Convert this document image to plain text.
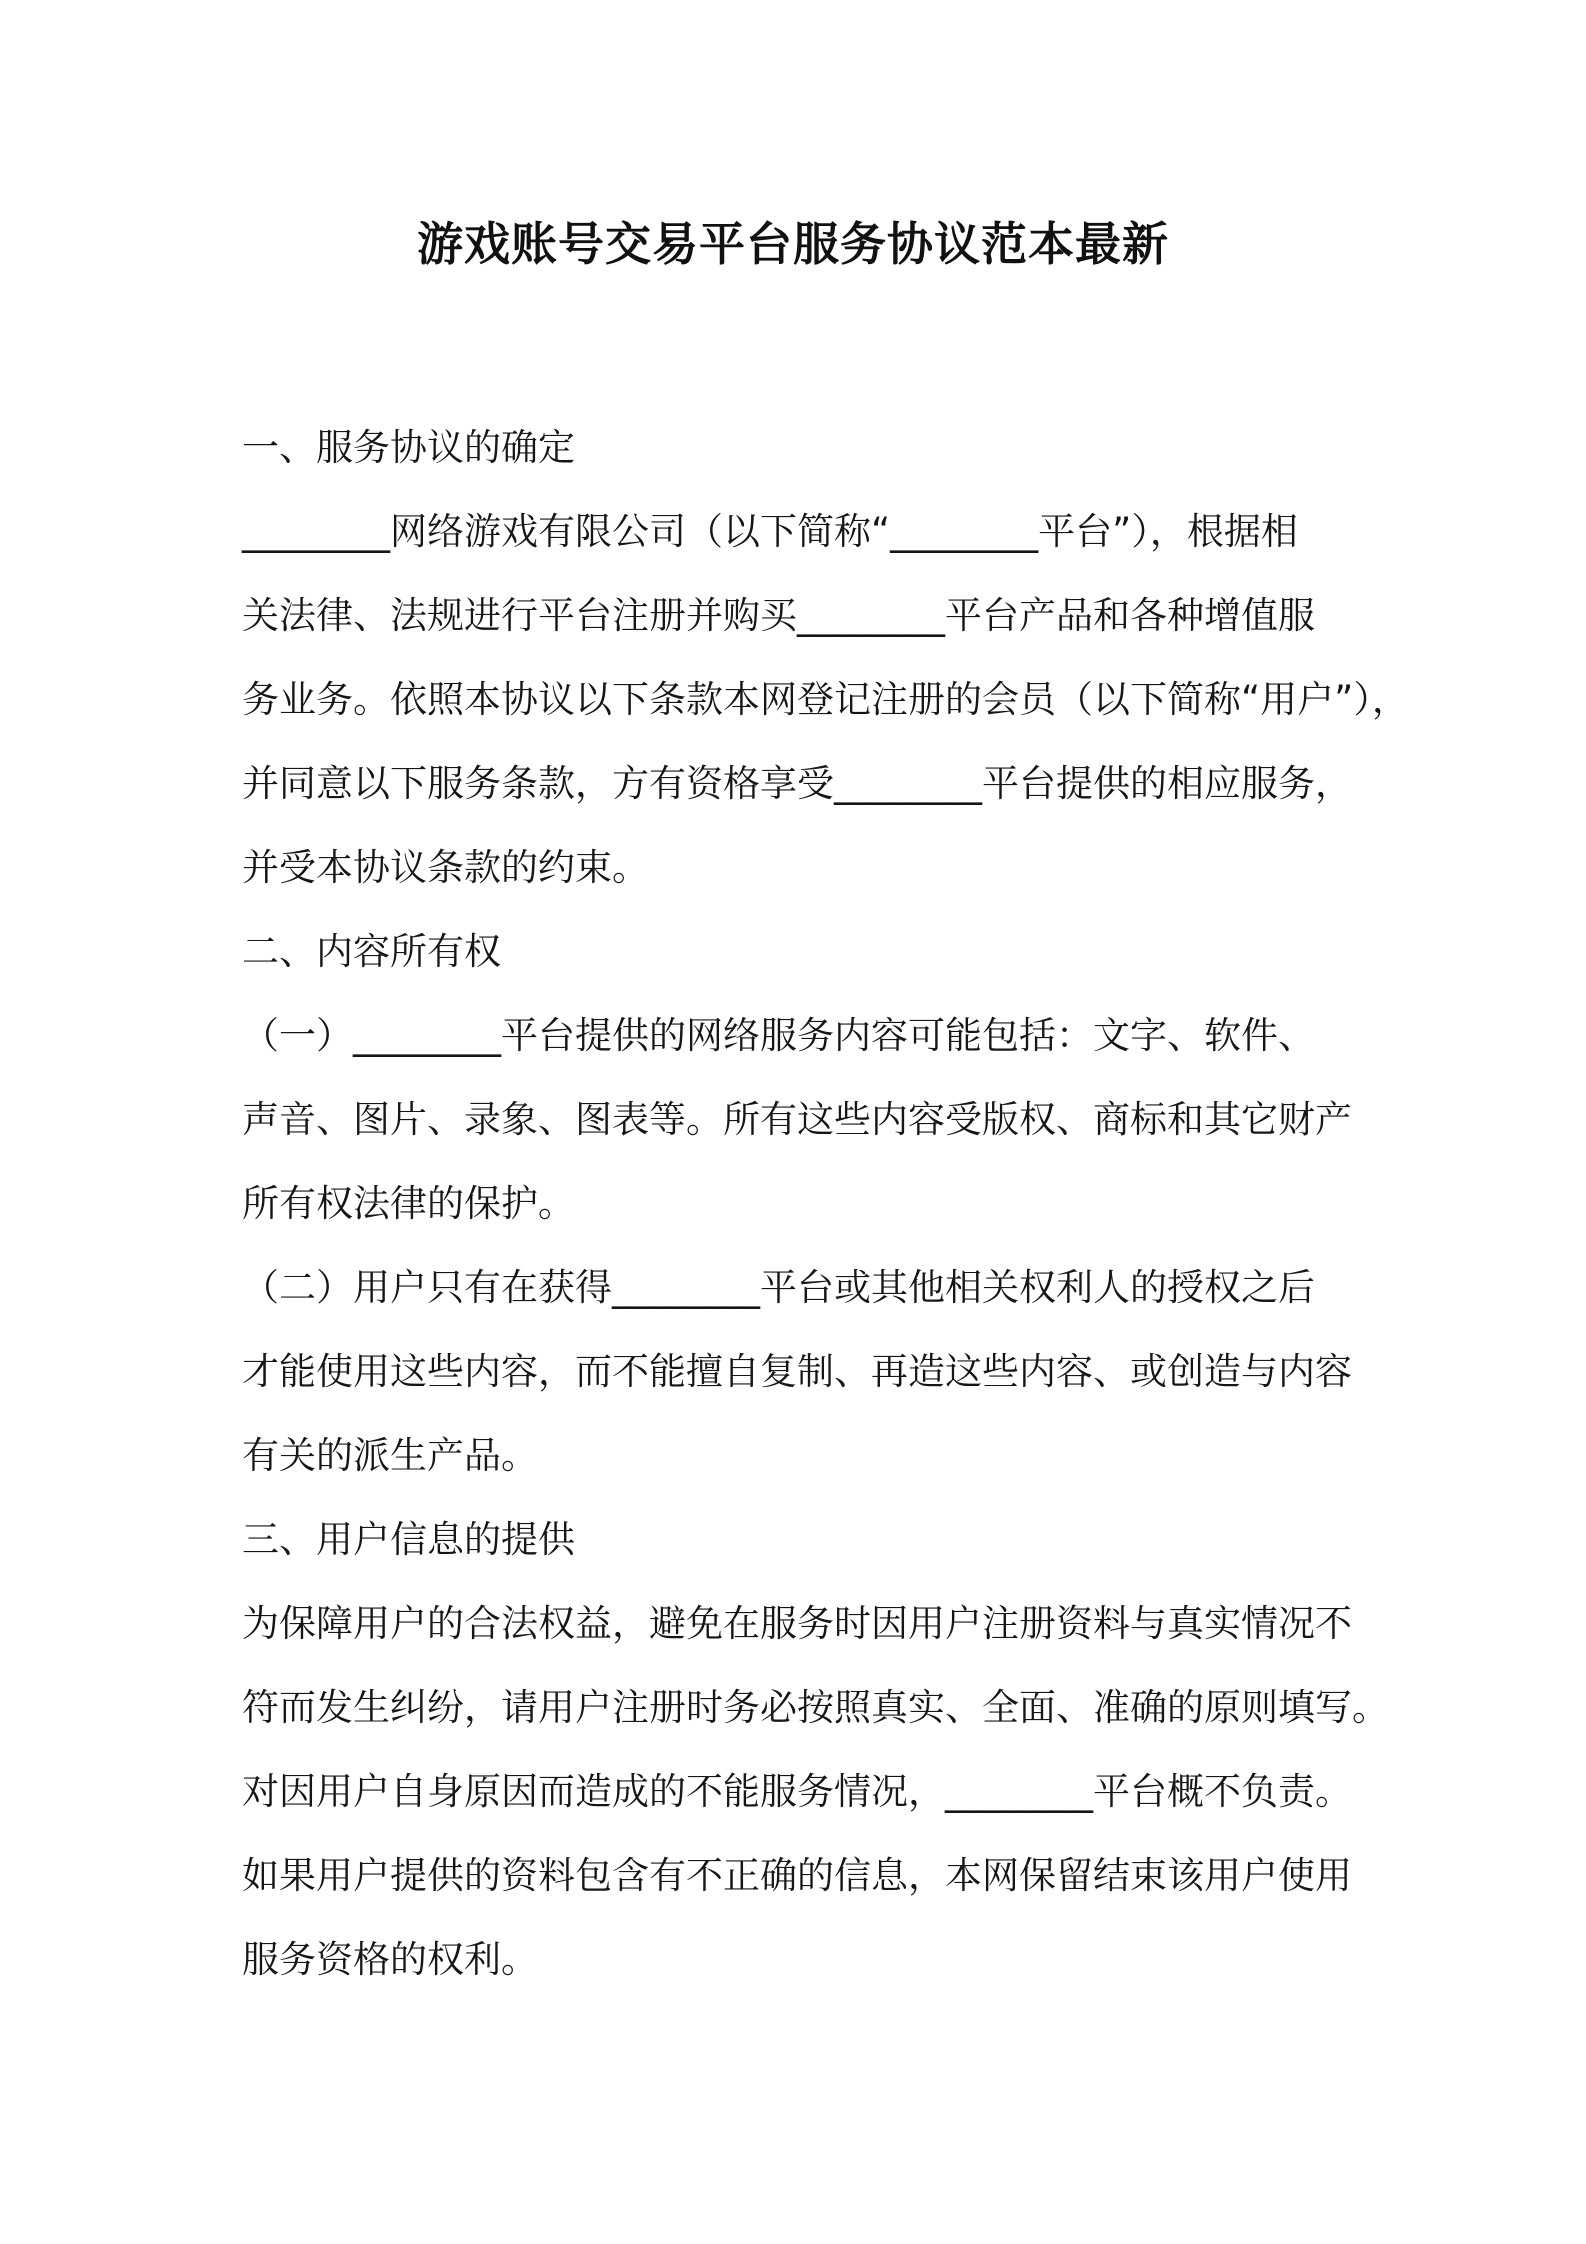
游戏账号交易平台服务协议范本最新

一、服务协议的确定

________网络游戏有限公司（以下简称“________平台”），根据相

关法律、法规进行平台注册并购买________平台产品和各种增值服

务业务。依照本协议以下条款本网登记注册的会员（以下简称“用户”），

并同意以下服务条款，方有资格享受________平台提供的相应服务，

并受本协议条款的约束。

二、内容所有权

（一）________平台提供的网络服务内容可能包括：文字、软件、

声音、图片、录象、图表等。所有这些内容受版权、商标和其它财产

所有权法律的保护。

（二）用户只有在获得________平台或其他相关权利人的授权之后

才能使用这些内容，而不能擅自复制、再造这些内容、或创造与内容

有关的派生产品。

三、用户信息的提供

为保障用户的合法权益，避免在服务时因用户注册资料与真实情况不

符而发生纠纷，请用户注册时务必按照真实、全面、准确的原则填写。

对因用户自身原因而造成的不能服务情况，________平台概不负责。

如果用户提供的资料包含有不正确的信息，本网保留结束该用户使用

服务资格的权利。
